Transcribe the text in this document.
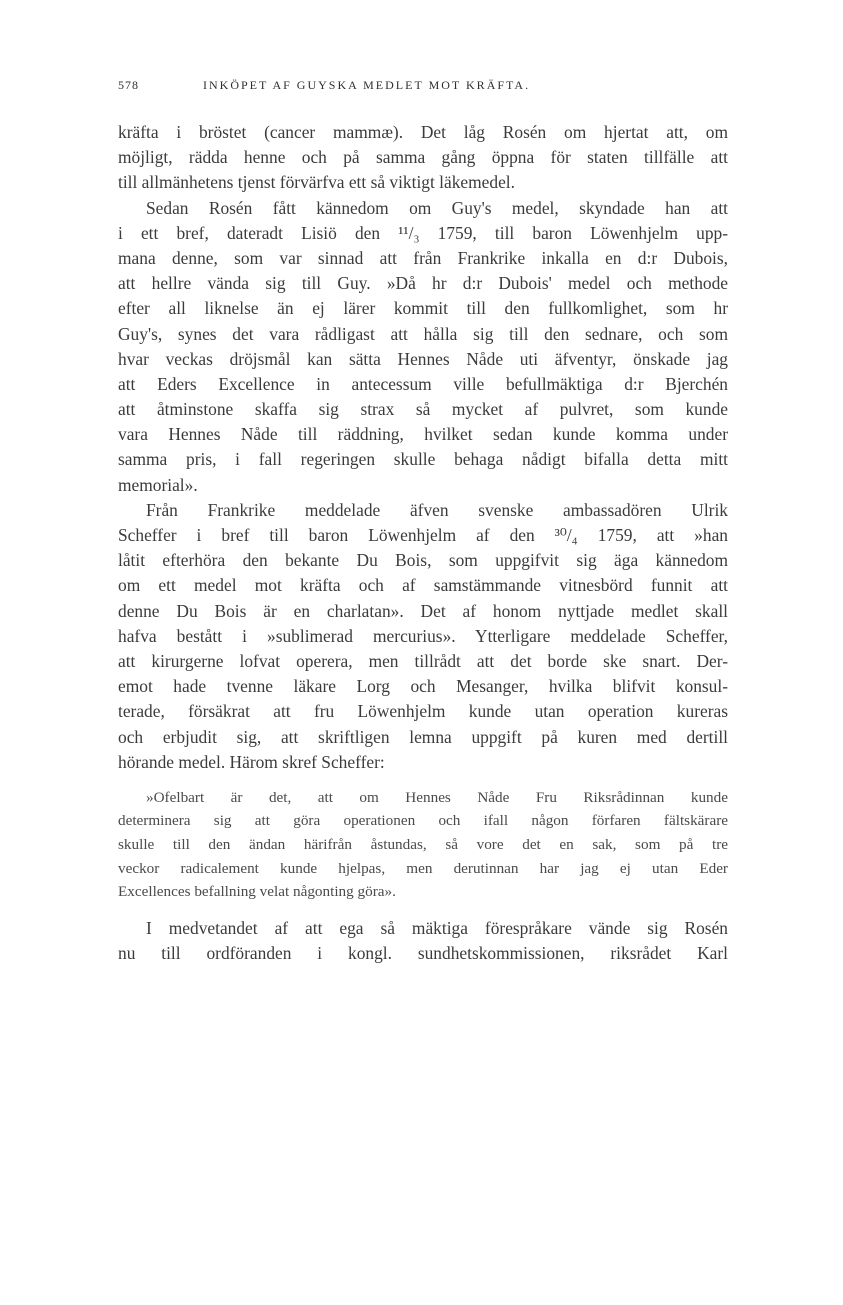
578	INKÖPET AF GUYSKA MEDLET MOT KRÄFTA.
kräfta i bröstet (cancer mammæ). Det låg Rosén om hjertat att, om
möjligt, rädda henne och på samma gång öppna för staten tillfälle att
till allmänhetens tjenst förvärfva ett så viktigt läkemedel.
Sedan Rosén fått kännedom om Guy's medel, skyndade han att
i ett bref, dateradt Lisiö den ¹¹/₃ 1759, till baron Löwenhjelm upp-
mana denne, som var sinnad att från Frankrike inkalla en d:r Dubois,
att hellre vända sig till Guy. »Då hr d:r Dubois' medel och methode
efter all liknelse än ej lärer kommit till den fullkomlighet, som hr
Guy's, synes det vara rådligast att hålla sig till den sednare, och som
hvar veckas dröjsmål kan sätta Hennes Nåde uti äfventyr, önskade jag
att Eders Excellence in antecessum ville befullmäktiga d:r Bjerchén
att åtminstone skaffa sig strax så mycket af pulvret, som kunde
vara Hennes Nåde till räddning, hvilket sedan kunde komma under
samma pris, i fall regeringen skulle behaga nådigt bifalla detta mitt
memorial».
Från Frankrike meddelade äfven svenske ambassadören Ulrik
Scheffer i bref till baron Löwenhjelm af den ³⁰/₄ 1759, att »han
låtit efterhöra den bekante Du Bois, som uppgifvit sig äga kännedom
om ett medel mot kräfta och af samstämmande vitnesbörd funnit att
denne Du Bois är en charlatan». Det af honom nyttjade medlet skall
hafva bestått i »sublimerad mercurius». Ytterligare meddelade Scheffer,
att kirurgerne lofvat operera, men tillrådt att det borde ske snart. Der-
emot hade tvenne läkare Lorg och Mesanger, hvilka blifvit konsul-
terade, försäkrat att fru Löwenhjelm kunde utan operation kureras
och erbjudit sig, att skriftligen lemna uppgift på kuren med dertill
hörande medel. Härom skref Scheffer:
»Ofelbart är det, att om Hennes Nåde Fru Riksrådinnan kunde
determinera sig att göra operationen och ifall någon förfaren fältskärare
skulle till den ändan härifrån åstundas, så vore det en sak, som på tre
veckor radicalement kunde hjelpas, men derutinnan har jag ej utan Eder
Excellences befallning velat någonting göra».
I medvetandet af att ega så mäktiga förespråkare vände sig Rosén
nu till ordföranden i kongl. sundhetskommissionen, riksrådet Karl
